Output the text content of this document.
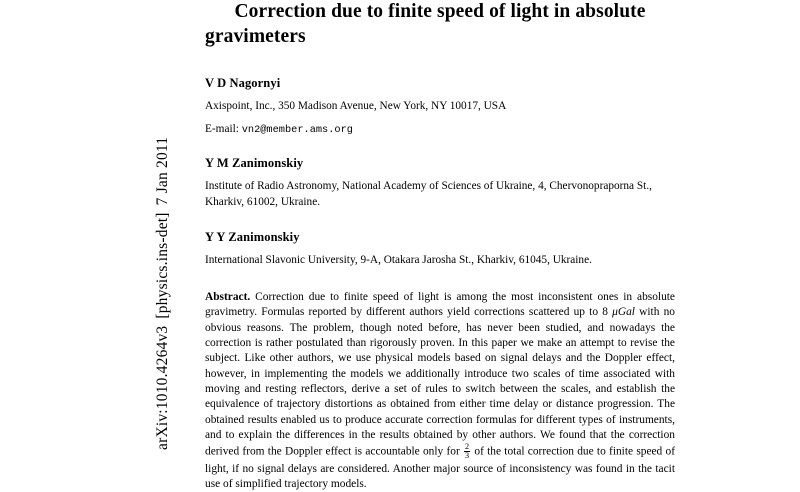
arXiv:1010.4264v3
[physics.ins-det]
7 Jan 2011
Correction due to finite speed of light in absolute
gravimeters

V D Nagornyi

Axispoint, Inc., 350 Madison Avenue, New York, NY 10017, USA

E-mail: vn2@member.ams.org

Y M Zanimonskiy

Institute of Radio Astronomy, National Academy of Sciences of Ukraine, 4, Chervonopraporna St., Kharkiv, 61002, Ukraine.

Y Y Zanimonskiy

International Slavonic University, 9-A, Otakara Jarosha St., Kharkiv, 61045, Ukraine.

Abstract. Correction due to finite speed of light is among the most inconsistent ones in absolute gravimetry. Formulas reported by different authors yield corrections scattered up to 8 μGal with no obvious reasons. The problem, though noted before, has never been studied, and nowadays the correction is rather postulated than rigorously proven. In this paper we make an attempt to revise the subject. Like other authors, we use physical models based on signal delays and the Doppler effect, however, in implementing the models we additionally introduce two scales of time associated with moving and resting reflectors, derive a set of rules to switch between the scales, and establish the equivalence of trajectory distortions as obtained from either time delay or distance progression. The obtained results enabled us to produce accurate correction formulas for different types of instruments, and to explain the differences in the results obtained by other authors. We found that the correction derived from the Doppler effect is accountable only for $\frac{2}{3}$ of the total correction due to finite speed of light, if no signal delays are considered. Another major source of inconsistency was found in the tacit use of simplified trajectory models.
